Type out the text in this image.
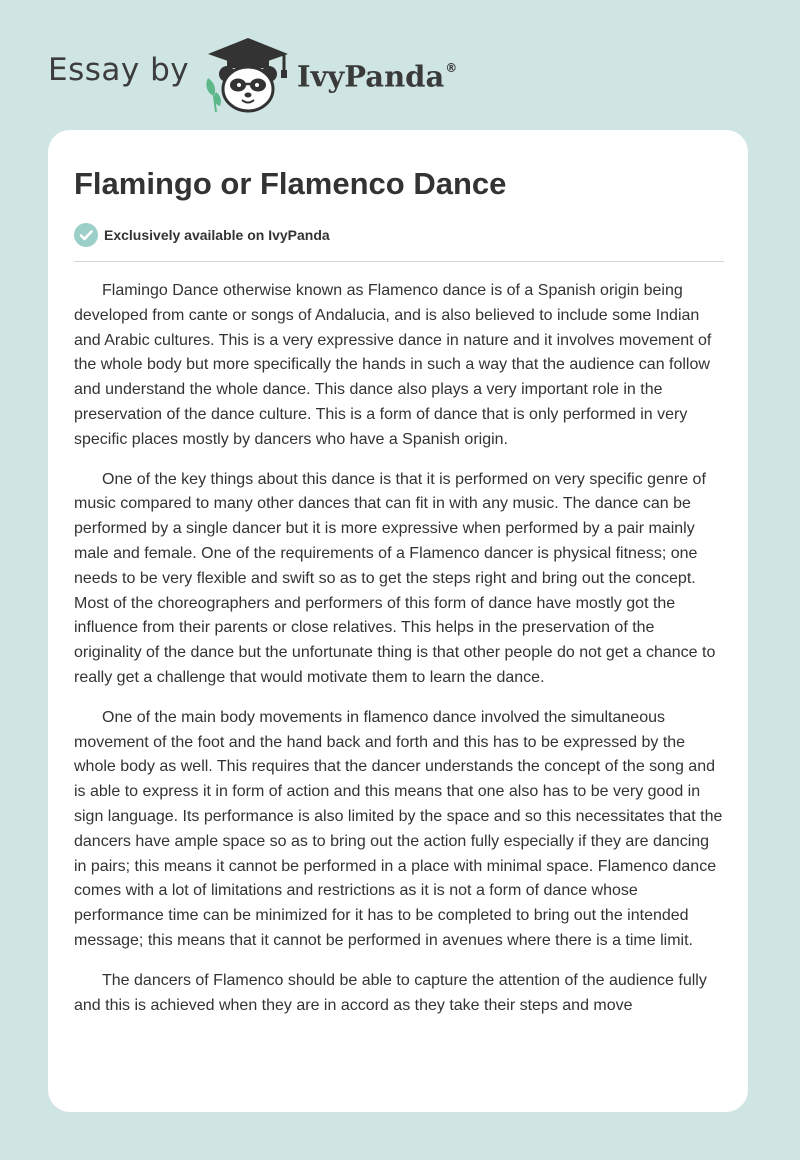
Essay by	IvyPanda®
Flamingo or Flamenco Dance
Exclusively available on IvyPanda

Flamingo Dance otherwise known as Flamenco dance is of a Spanish origin being developed from cante or songs of Andalucia, and is also believed to include some Indian and Arabic cultures. This is a very expressive dance in nature and it involves movement of the whole body but more specifically the hands in such a way that the audience can follow and understand the whole dance. This dance also plays a very important role in the preservation of the dance culture. This is a form of dance that is only performed in very specific places mostly by dancers who have a Spanish origin.

One of the key things about this dance is that it is performed on very specific genre of music compared to many other dances that can fit in with any music. The dance can be performed by a single dancer but it is more expressive when performed by a pair mainly male and female. One of the requirements of a Flamenco dancer is physical fitness; one needs to be very flexible and swift so as to get the steps right and bring out the concept. Most of the choreographers and performers of this form of dance have mostly got the influence from their parents or close relatives. This helps in the preservation of the originality of the dance but the unfortunate thing is that other people do not get a chance to really get a challenge that would motivate them to learn the dance.

One of the main body movements in flamenco dance involved the simultaneous movement of the foot and the hand back and forth and this has to be expressed by the whole body as well. This requires that the dancer understands the concept of the song and is able to express it in form of action and this means that one also has to be very good in sign language. Its performance is also limited by the space and so this necessitates that the dancers have ample space so as to bring out the action fully especially if they are dancing in pairs; this means it cannot be performed in a place with minimal space. Flamenco dance comes with a lot of limitations and restrictions as it is not a form of dance whose performance time can be minimized for it has to be completed to bring out the intended message; this means that it cannot be performed in avenues where there is a time limit.

The dancers of Flamenco should be able to capture the attention of the audience fully and this is achieved when they are in accord as they take their steps and move
